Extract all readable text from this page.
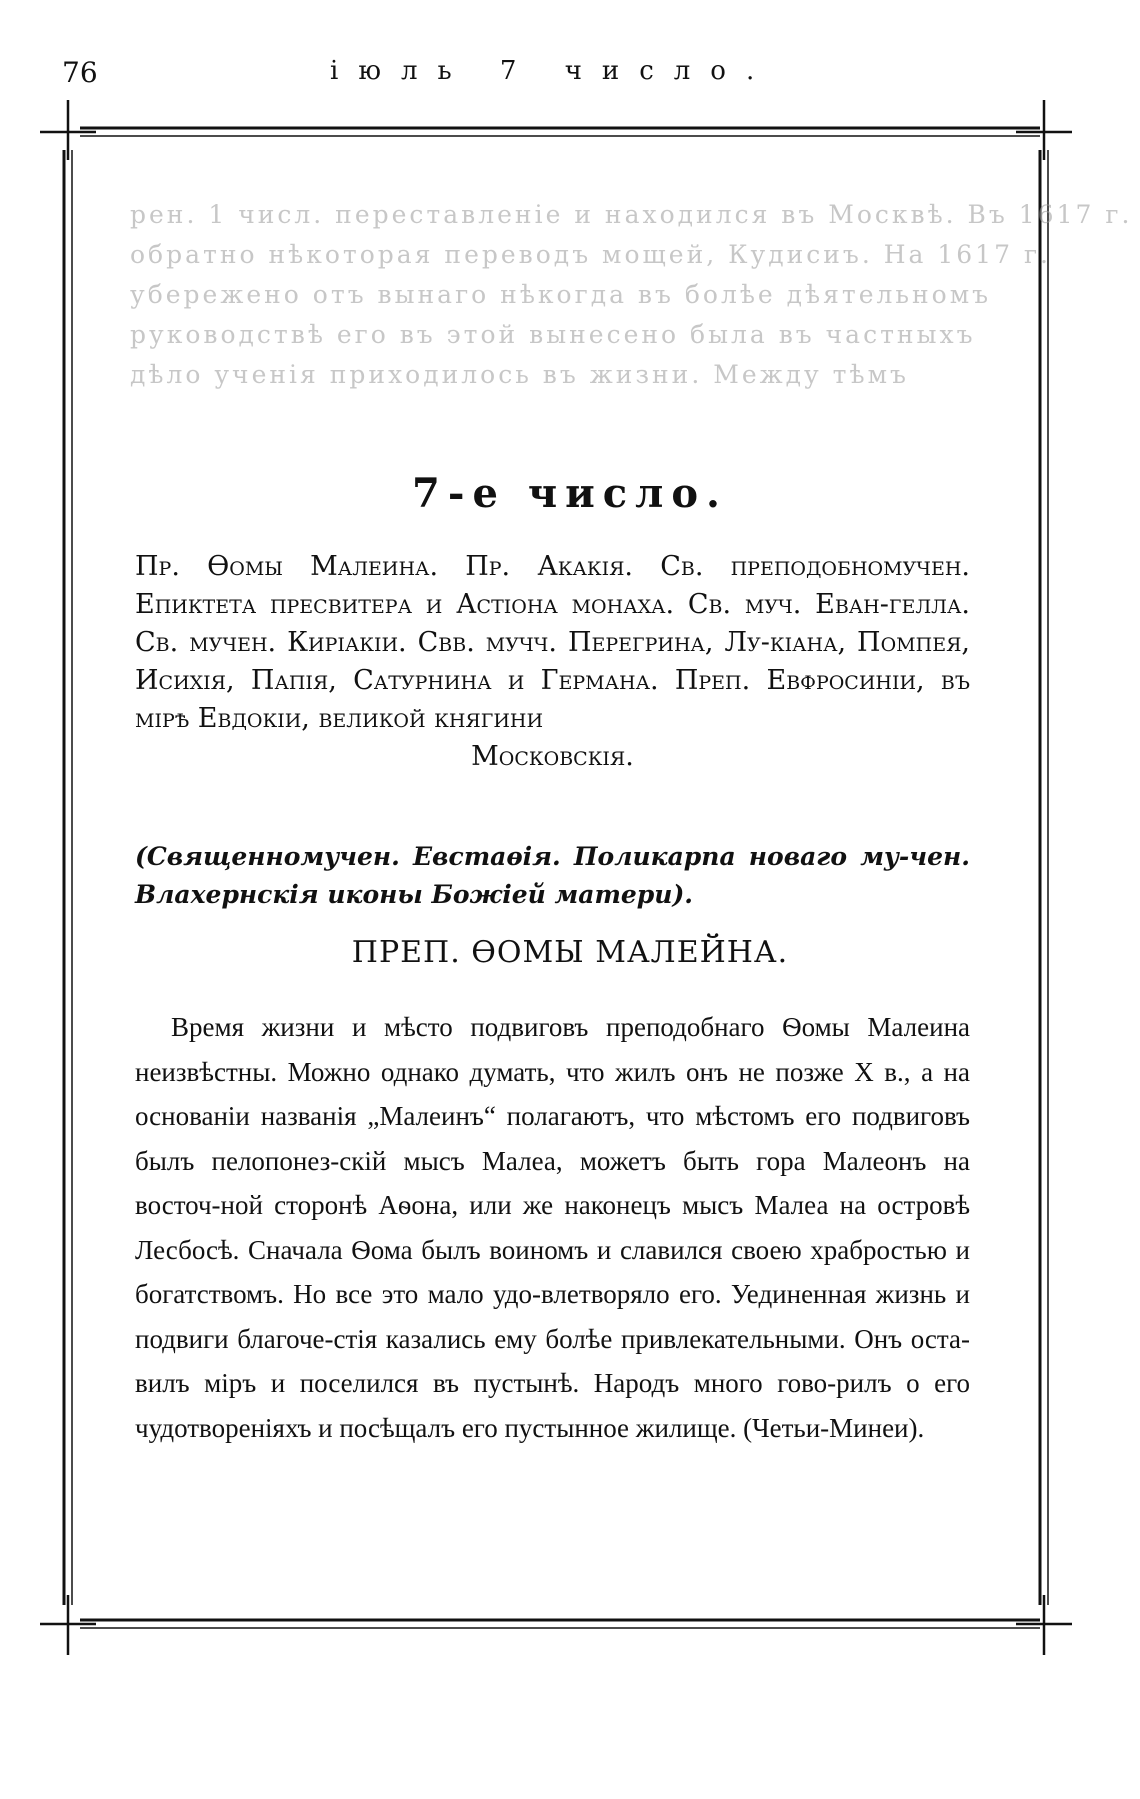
76	іюль 7 число.
рен. 1 числ. переставленіе и находился въ Москвѣ. Въ 1617 г.
обратно нѣкоторая переводъ мощей, Кудисиъ. На 1617 г.
убережено отъ вынаго нѣкогда въ болѣе дѣятельномъ
руководствѣ его въ этой вынесено была въ частныхъ
дѣло ученія приходилось въ жизни. Между тѣмъ
7-е число.
Пр. Ѳомы Малеина. Пр. Акакія. Св. преподобномучен. Епиктета пресвитера и Астіона монаха. Св. муч. Еван-гелла. Св. мучен. Киріакіи. Свв. мучч. Перегрина, Лу-кіана, Помпея, Исихія, Папія, Сатурнина и Германа. Преп. Евфросиніи, въ мірѣ Евдокіи, великой княгини
Московскія.
(Священномучен. Евстаѳія. Поликарпа новаго му-чен. Влахернскія иконы Божіей матери).
ПРЕП. ѲОМЫ МАЛЕЙНА.
Время жизни и мѣсто подвиговъ преподобнаго Ѳомы Малеина неизвѣстны. Можно однако думать, что жилъ онъ не позже Х в., а на основаніи названія „Малеинъ“ полагаютъ, что мѣстомъ его подвиговъ былъ пелопонез-скій мысъ Малеа, можетъ быть гора Малеонъ на восточ-ной сторонѣ Аѳона, или же наконецъ мысъ Малеа на островѣ Лесбосѣ. Сначала Ѳома былъ воиномъ и славился своею храбростью и богатствомъ. Но все это мало удо-влетворяло его. Уединенная жизнь и подвиги благоче-стія казались ему болѣе привлекательными. Онъ оста-вилъ міръ и поселился въ пустынѣ. Народъ много гово-рилъ о его чудотвореніяхъ и посѣщалъ его пустынное жилище. (Четьи-Минеи).
